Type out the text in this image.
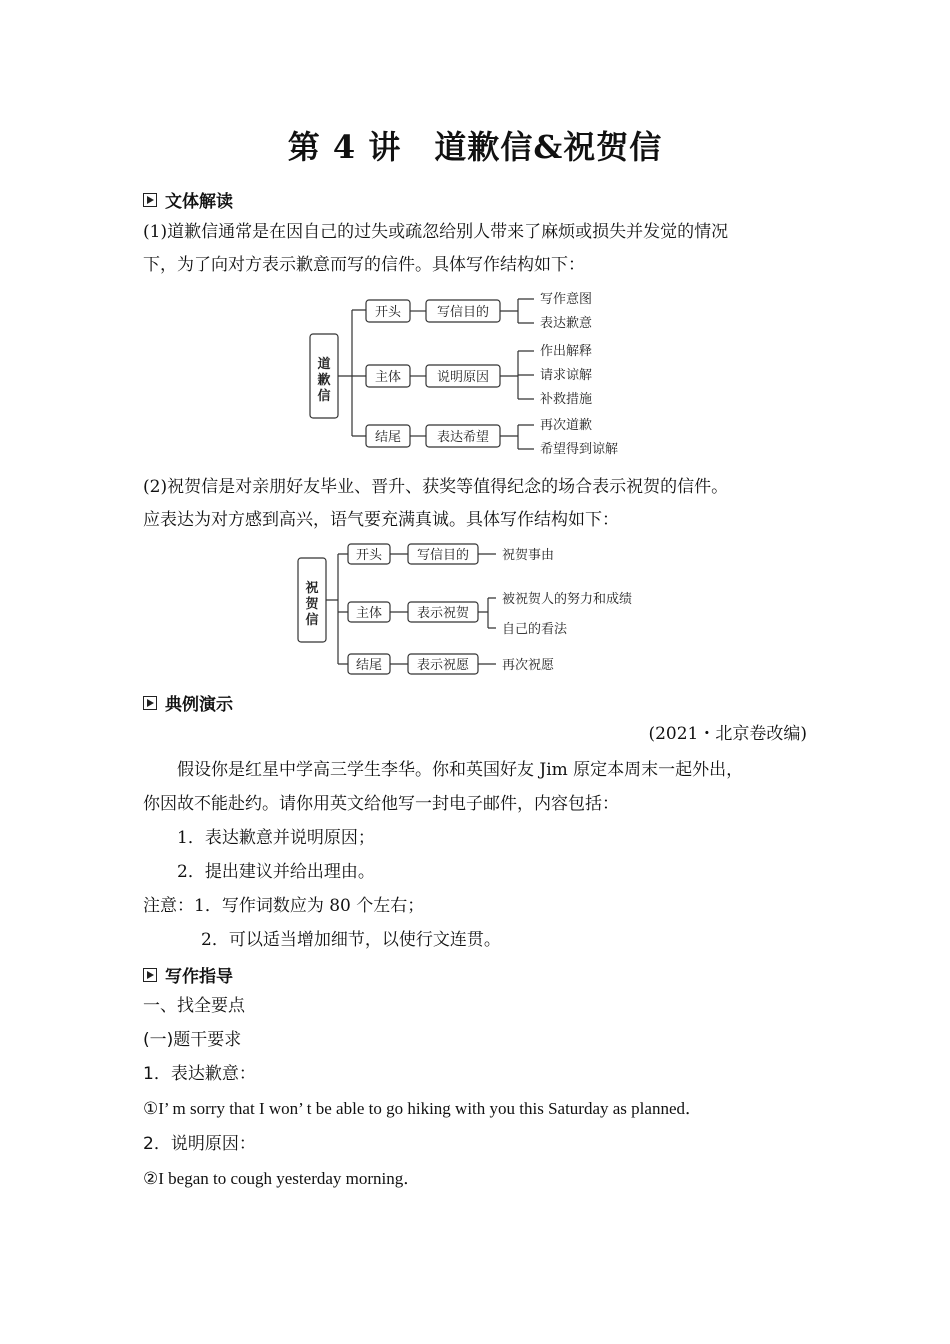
第 4 讲　道歉信&祝贺信
文体解读
(1)道歉信通常是在因自己的过失或疏忽给别人带来了麻烦或损失并发觉的情况
下，为了向对方表示歉意而写的信件。具体写作结构如下：
道
歉
信
开头	写信目的
写作意图
表达歉意
主体	说明原因
作出解释
请求谅解
补救措施
结尾	表达希望
再次道歉
希望得到谅解
(2)祝贺信是对亲朋好友毕业、晋升、获奖等值得纪念的场合表示祝贺的信件。
应表达为对方感到高兴，语气要充满真诚。具体写作结构如下：
祝
贺
信
开头	写信目的	祝贺事由
主体	表示祝贺
被祝贺人的努力和成绩
自己的看法
结尾	表示祝愿	再次祝愿
典例演示
(2021・北京卷改编)
假设你是红星中学高三学生李华。你和英国好友 Jim 原定本周末一起外出，
你因故不能赴约。请你用英文给他写一封电子邮件，内容包括：
1．表达歉意并说明原因；
2．提出建议并给出理由。
注意：1．写作词数应为 80 个左右；
2．可以适当增加细节，以使行文连贯。
写作指导
一、找全要点
(一)题干要求
1．表达歉意：
①I’ m sorry that I won’ t be able to go hiking with you this Saturday as planned．
2．说明原因：
②I began to cough yesterday morning．
